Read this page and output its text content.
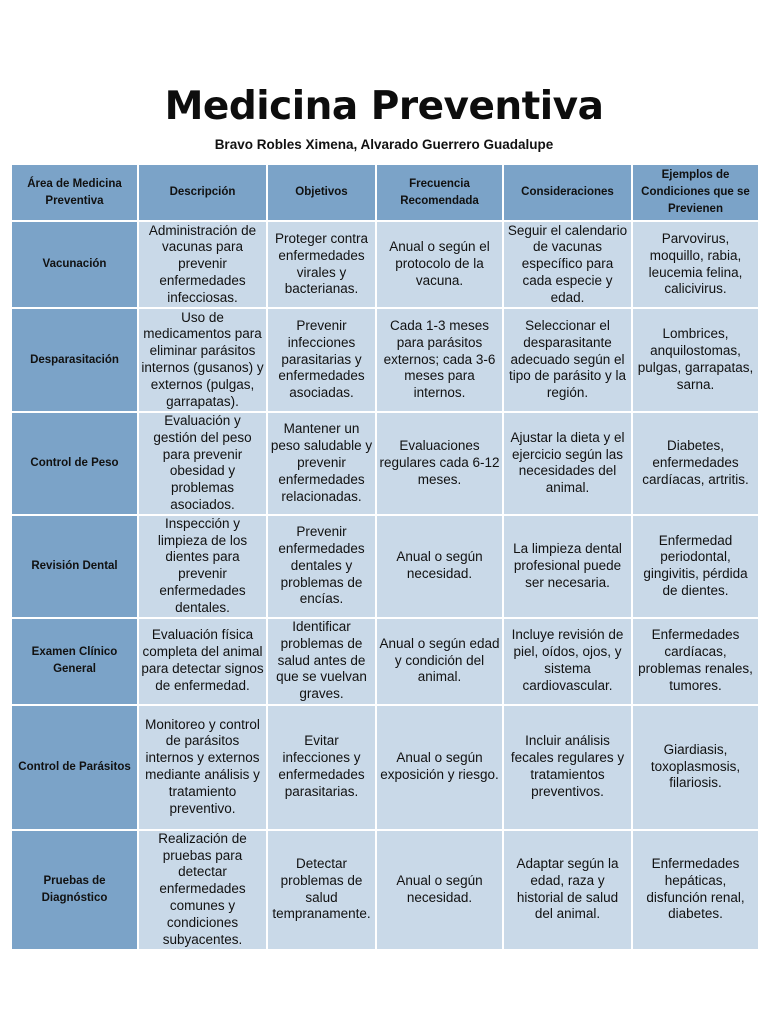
Medicina Preventiva
Bravo Robles Ximena, Alvarado Guerrero Guadalupe
Área de Medicina Preventiva	Descripción	Objetivos	Frecuencia Recomendada	Consideraciones	Ejemplos de Condiciones que se Previenen
Vacunación	Administración de vacunas para prevenir enfermedades infecciosas.	Proteger contra enfermedades virales y bacterianas.	Anual o según el protocolo de la vacuna.	Seguir el calendario de vacunas específico para cada especie y edad.	Parvovirus, moquillo, rabia, leucemia felina, calicivirus.
Desparasitación	Uso de medicamentos para eliminar parásitos internos (gusanos) y externos (pulgas, garrapatas).	Prevenir infecciones parasitarias y enfermedades asociadas.	Cada 1-3 meses para parásitos externos; cada 3-6 meses para internos.	Seleccionar el desparasitante adecuado según el tipo de parásito y la región.	Lombrices, anquilostomas, pulgas, garrapatas, sarna.
Control de Peso	Evaluación y gestión del peso para prevenir obesidad y problemas asociados.	Mantener un peso saludable y prevenir enfermedades relacionadas.	Evaluaciones regulares cada 6-12 meses.	Ajustar la dieta y el ejercicio según las necesidades del animal.	Diabetes, enfermedades cardíacas, artritis.
Revisión Dental	Inspección y limpieza de los dientes para prevenir enfermedades dentales.	Prevenir enfermedades dentales y problemas de encías.	Anual o según necesidad.	La limpieza dental profesional puede ser necesaria.	Enfermedad periodontal, gingivitis, pérdida de dientes.
Examen Clínico General	Evaluación física completa del animal para detectar signos de enfermedad.	Identificar problemas de salud antes de que se vuelvan graves.	Anual o según edad y condición del animal.	Incluye revisión de piel, oídos, ojos, y sistema cardiovascular.	Enfermedades cardíacas, problemas renales, tumores.
Control de Parásitos	Monitoreo y control de parásitos internos y externos mediante análisis y tratamiento preventivo.	Evitar infecciones y enfermedades parasitarias.	Anual o según exposición y riesgo.	Incluir análisis fecales regulares y tratamientos preventivos.	Giardiasis, toxoplasmosis, filariosis.
Pruebas de Diagnóstico	Realización de pruebas para detectar enfermedades comunes y condiciones subyacentes.	Detectar problemas de salud tempranamente.	Anual o según necesidad.	Adaptar según la edad, raza y historial de salud del animal.	Enfermedades hepáticas, disfunción renal, diabetes.
